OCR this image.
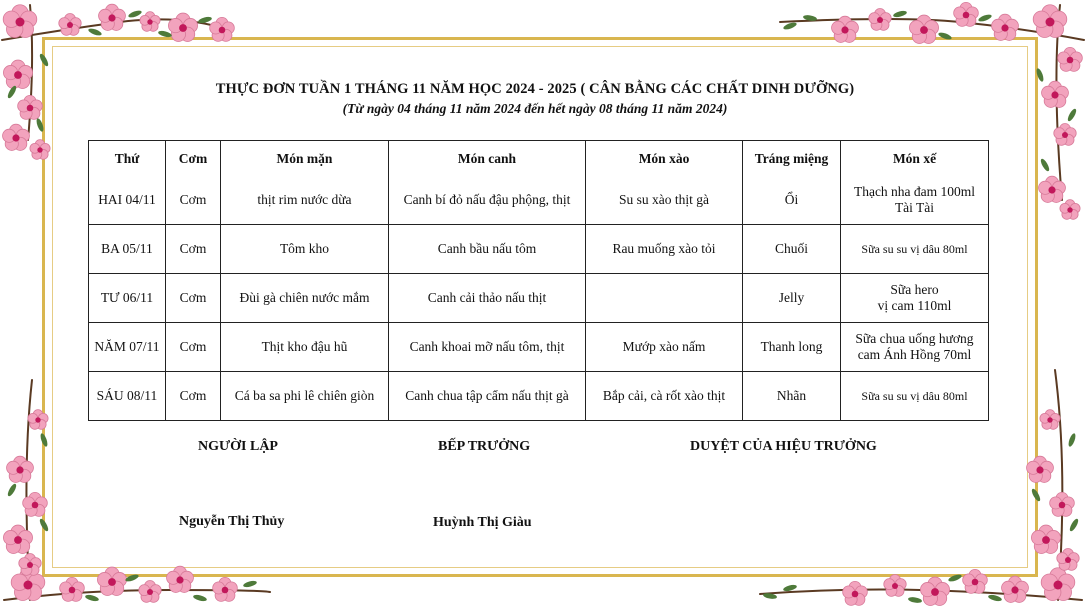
THỰC ĐƠN TUẦN 1 THÁNG 11 NĂM HỌC 2024 - 2025 ( CÂN BẰNG CÁC CHẤT DINH DƯỠNG)
(Từ ngày 04 tháng 11 năm 2024 đến hết ngày 08 tháng 11 năm 2024)
Thứ	Cơm	Món mặn	Món canh	Món xào	Tráng miệng	Món xế
HAI 04/11	Cơm	thịt rim nước dừa	Canh bí đỏ nấu đậu phộng, thịt	Su su xào thịt gà	Ổi	Thạch nha đam 100ml
Tài Tài
BA 05/11	Cơm	Tôm kho	Canh bầu nấu tôm	Rau muống xào tỏi	Chuối	Sữa su su vị dâu 80ml
TƯ 06/11	Cơm	Đùi gà chiên nước mắm	Canh cải thảo nấu thịt		Jelly	Sữa hero
vị cam 110ml
NĂM 07/11	Cơm	Thịt kho đậu hũ	Canh khoai mỡ nấu tôm, thịt	Mướp xào nấm	Thanh long	Sữa chua uống hương
cam Ánh Hồng 70ml
SÁU 08/11	Cơm	Cá ba sa phi lê chiên giòn	Canh chua tập cẩm nấu thịt gà	Bắp cải, cà rốt xào thịt	Nhãn	Sữa su su vị dâu 80ml
NGƯỜI LẬP	BẾP TRƯỞNG	DUYỆT CỦA HIỆU TRƯỞNG
Nguyễn Thị Thủy	Huỳnh Thị Giàu
